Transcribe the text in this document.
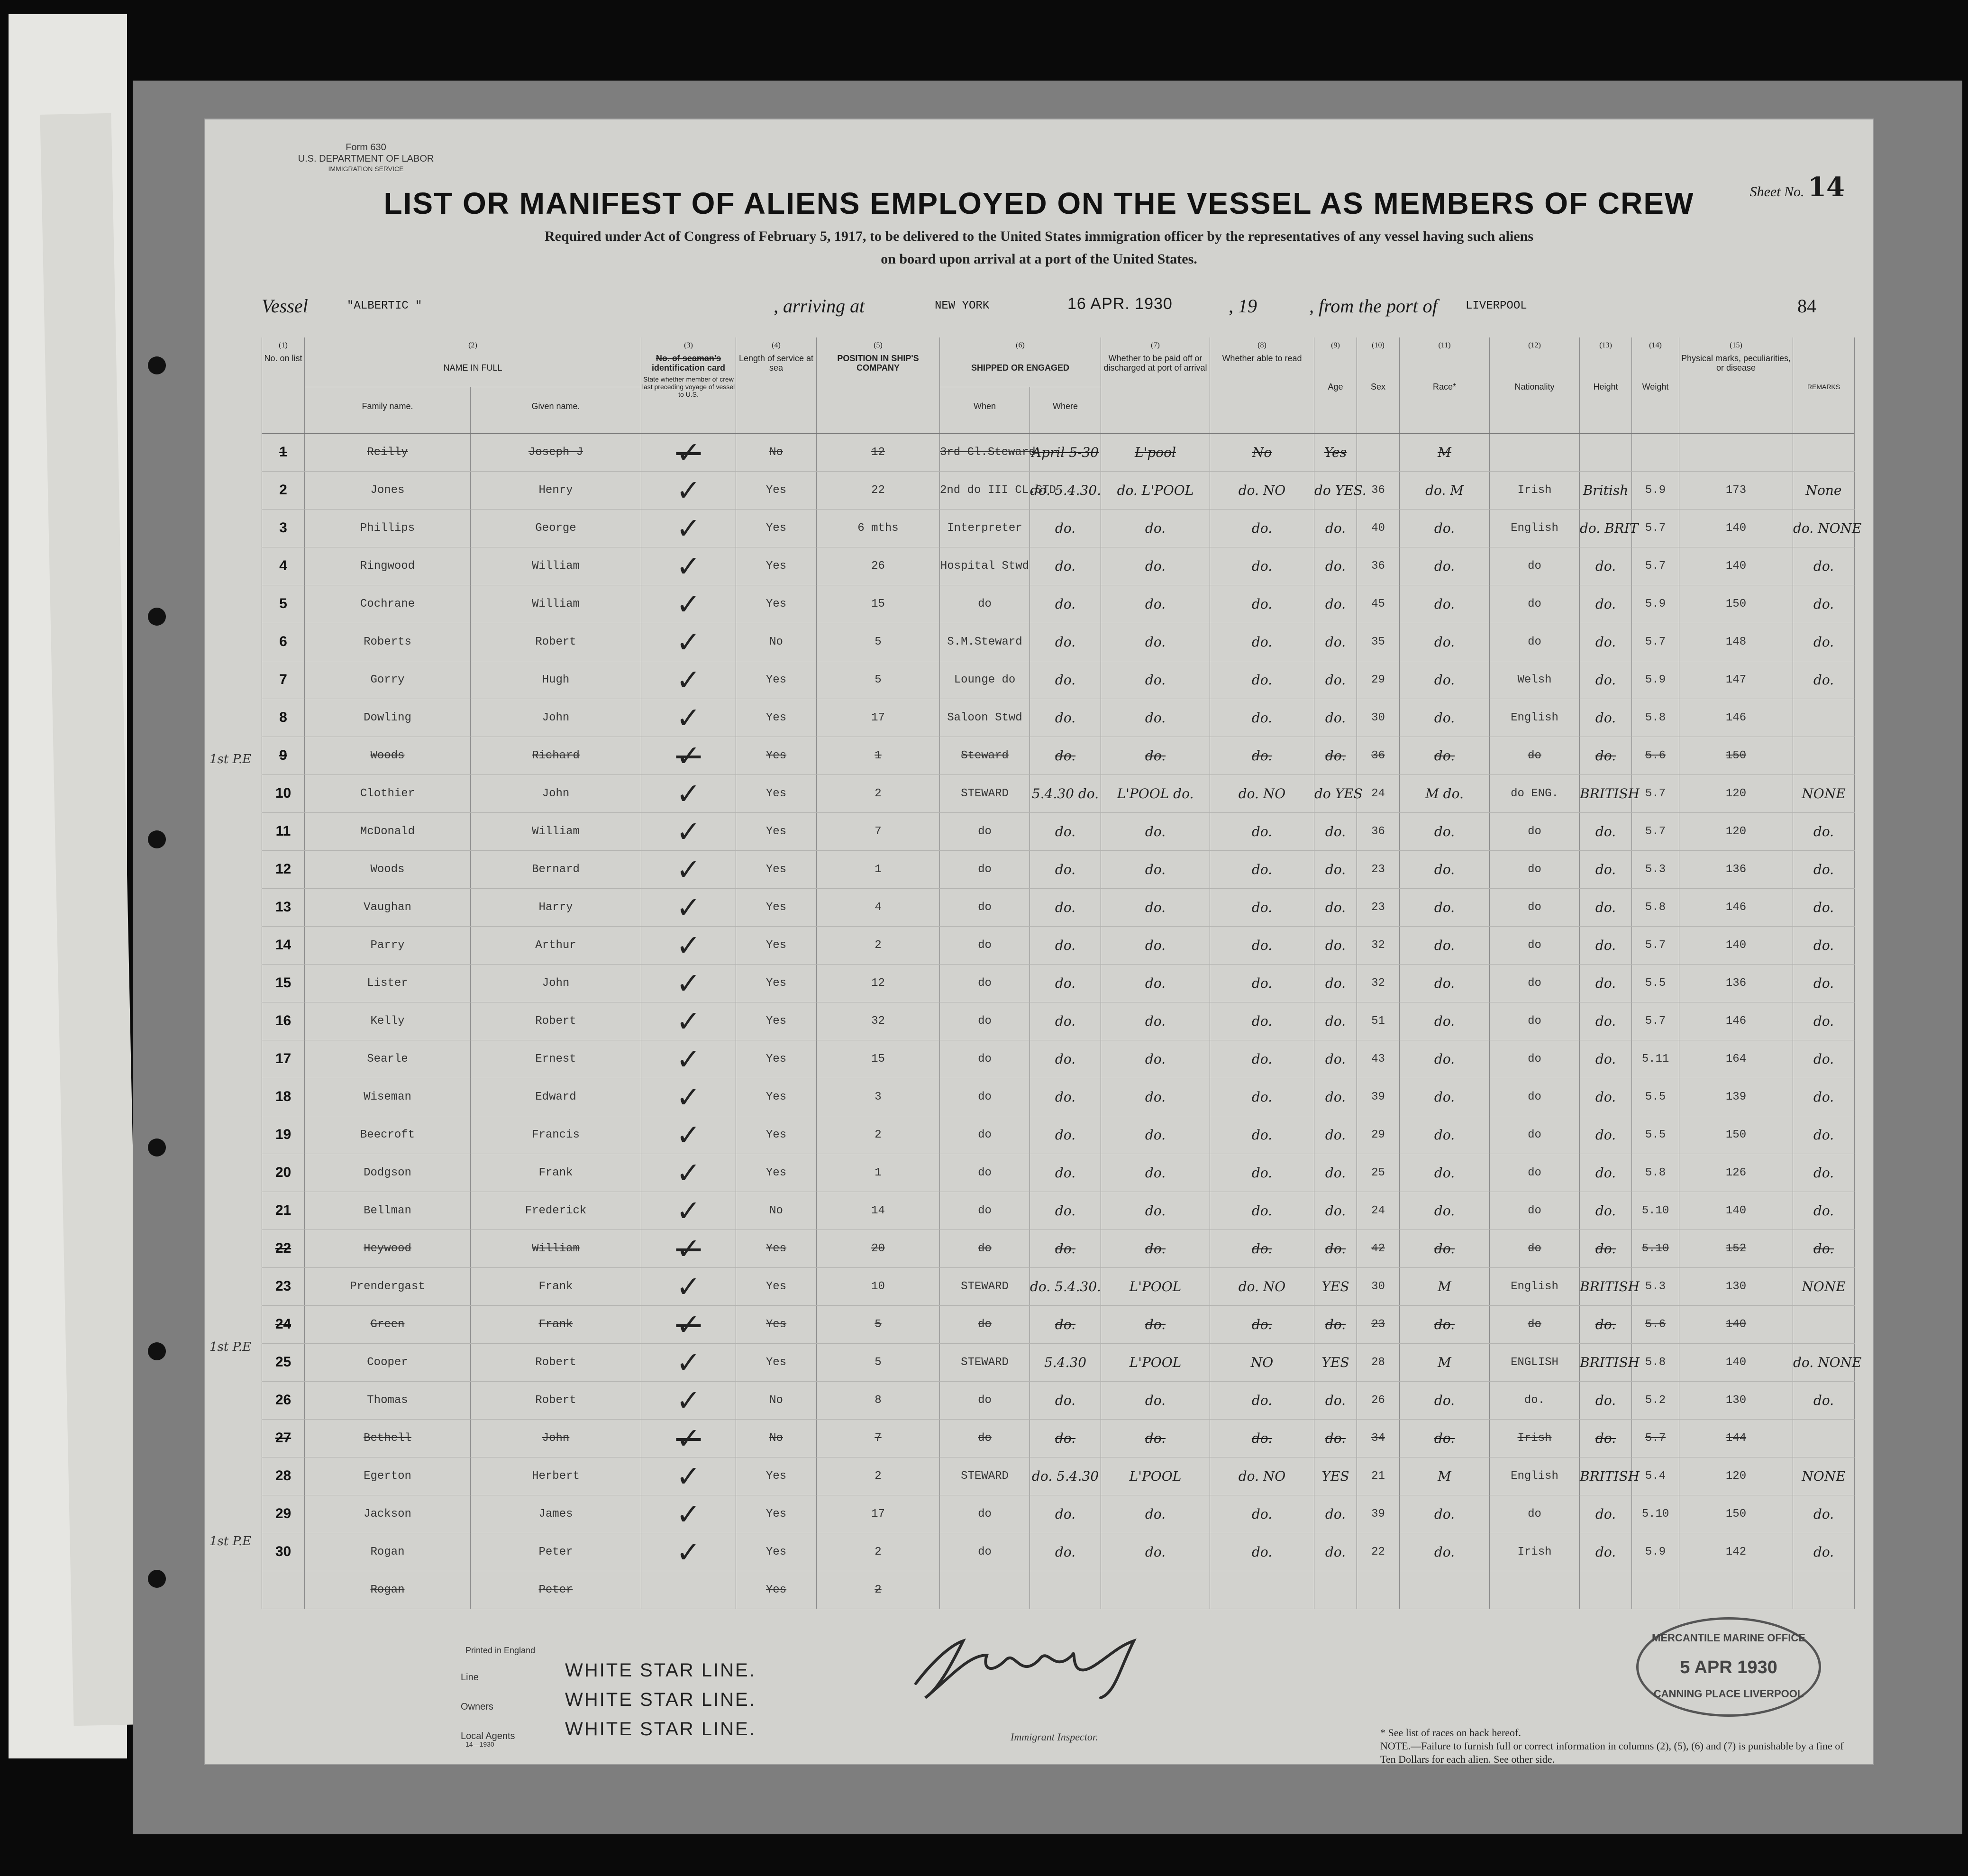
Form 630
U.S. DEPARTMENT OF LABOR
IMMIGRATION SERVICE
Sheet No. 14
LIST OR MANIFEST OF ALIENS EMPLOYED ON THE VESSEL AS MEMBERS OF CREW
Required under Act of Congress of February 5, 1917, to be delivered to the United States immigration officer by the representatives of any vessel having such aliens
on board upon arrival at a port of the United States.
Vessel	"ALBERTIC "	, arriving at	NEW YORK	16 APR. 1930	, 19	, from the port of LIVERPOOL	84
1st P.E
1st P.E
1st P.E
(1)	(2)		(3)	(4)	(5)	(6)		(7)	(8)	(9)	(10)	(11)	(12)	(13)	(14)	(15)		
No. on list	NAME IN FULL		No. of seaman's identification card
State whether member of crew last preceding voyage of vessel to U.S.	Length of service at sea	POSITION IN SHIP'S COMPANY	SHIPPED OR ENGAGED		Whether to be paid off or discharged at port of arrival	Whether able to read	Age	Sex	Race*	Nationality	Height	Weight	Physical marks, peculiarities, or disease	REMARKS	
	Family name.	Given name.				When	Where											
1	Reilly	Joseph J	✓	No	12	3rd Cl.Steward	April 5-30	L'pool	No	Yes		M						
2	Jones	Henry	✓	Yes	22	2nd do III CL.STD	do. 5.4.30.	do. L'POOL	do. NO	do YES.	36	do. M	Irish	British	5.9	173	None	
3	Phillips	George	✓	Yes	6 mths	Interpreter	do.	do.	do.	do.	40	do.	English	do. BRIT	5.7	140	do. NONE	
4	Ringwood	William	✓	Yes	26	Hospital Stwd	do.	do.	do.	do.	36	do.	do	do.	5.7	140	do.	
5	Cochrane	William	✓	Yes	15	do	do.	do.	do.	do.	45	do.	do	do.	5.9	150	do.	
6	Roberts	Robert	✓	No	5	S.M.Steward	do.	do.	do.	do.	35	do.	do	do.	5.7	148	do.	
7	Gorry	Hugh	✓	Yes	5	Lounge do	do.	do.	do.	do.	29	do.	Welsh	do.	5.9	147	do.	
8	Dowling	John	✓	Yes	17	Saloon Stwd	do.	do.	do.	do.	30	do.	English	do.	5.8	146		
9	Woods	Richard	✓	Yes	1	Steward	do.	do.	do.	do.	36	do.	do	do.	5.6	150		
10	Clothier	John	✓	Yes	2	STEWARD	5.4.30 do.	L'POOL do.	do. NO	do YES	24	M do.	do ENG.	BRITISH	5.7	120	NONE	
11	McDonald	William	✓	Yes	7	do	do.	do.	do.	do.	36	do.	do	do.	5.7	120	do.	
12	Woods	Bernard	✓	Yes	1	do	do.	do.	do.	do.	23	do.	do	do.	5.3	136	do.	
13	Vaughan	Harry	✓	Yes	4	do	do.	do.	do.	do.	23	do.	do	do.	5.8	146	do.	
14	Parry	Arthur	✓	Yes	2	do	do.	do.	do.	do.	32	do.	do	do.	5.7	140	do.	
15	Lister	John	✓	Yes	12	do	do.	do.	do.	do.	32	do.	do	do.	5.5	136	do.	
16	Kelly	Robert	✓	Yes	32	do	do.	do.	do.	do.	51	do.	do	do.	5.7	146	do.	
17	Searle	Ernest	✓	Yes	15	do	do.	do.	do.	do.	43	do.	do	do.	5.11	164	do.	
18	Wiseman	Edward	✓	Yes	3	do	do.	do.	do.	do.	39	do.	do	do.	5.5	139	do.	
19	Beecroft	Francis	✓	Yes	2	do	do.	do.	do.	do.	29	do.	do	do.	5.5	150	do.	
20	Dodgson	Frank	✓	Yes	1	do	do.	do.	do.	do.	25	do.	do	do.	5.8	126	do.	
21	Bellman	Frederick	✓	No	14	do	do.	do.	do.	do.	24	do.	do	do.	5.10	140	do.	
22	Heywood	William	✓	Yes	20	do	do.	do.	do.	do.	42	do.	do	do.	5.10	152	do.	
23	Prendergast	Frank	✓	Yes	10	STEWARD	do. 5.4.30.	L'POOL	do. NO	YES	30	M	English	BRITISH	5.3	130	NONE	
24	Green	Frank	✓	Yes	5	do	do.	do.	do.	do.	23	do.	do	do.	5.6	140		
25	Cooper	Robert	✓	Yes	5	STEWARD	5.4.30	L'POOL	NO	YES	28	M	ENGLISH	BRITISH	5.8	140	do. NONE	
26	Thomas	Robert	✓	No	8	do	do.	do.	do.	do.	26	do.	do.	do.	5.2	130	do.	
27	Bethell	John	✓	No	7	do	do.	do.	do.	do.	34	do.	Irish	do.	5.7	144		
28	Egerton	Herbert	✓	Yes	2	STEWARD	do. 5.4.30	L'POOL	do. NO	YES	21	M	English	BRITISH	5.4	120	NONE	
29	Jackson	James	✓	Yes	17	do	do.	do.	do.	do.	39	do.	do	do.	5.10	150	do.	
30	Rogan	Peter	✓	Yes	2	do	do.	do.	do.	do.	22	do.	Irish	do.	5.9	142	do.	
	Rogan	Peter		Yes	2													
Printed in England
Line
Owners
Local Agents
14—1930
WHITE STAR LINE.
WHITE STAR LINE.
WHITE STAR LINE.	Immigrant Inspector.
MERCANTILE MARINE OFFICE
5 APR 1930
CANNING PLACE LIVERPOOL
* See list of races on back hereof.
NOTE.—Failure to furnish full or correct information in columns (2), (5), (6) and (7) is punishable by a fine of Ten Dollars for each alien. See other side.
